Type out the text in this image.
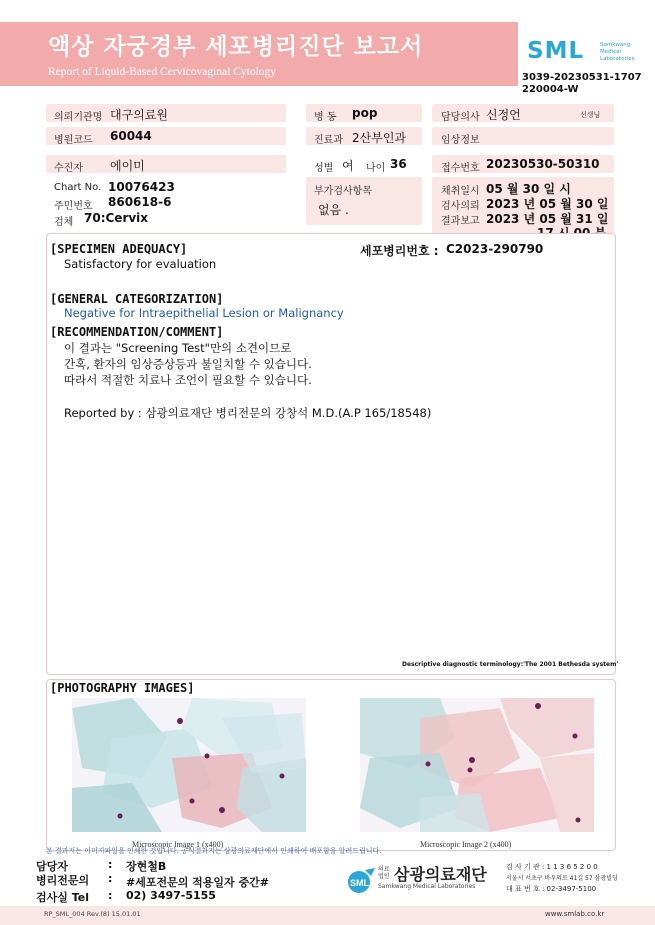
액상 자궁경부 세포병리진단 보고서
Report of Liquid-Based Cervicovaginal Cytology
SML	Samkwang
Medical
Laboratories
3039-20230531-1707
220004-W
의뢰기관명 대구의료원	병 동 pop	담당의사 신정언	선생님
병원코드 60044	진료과 2산부인과	임상정보
수진자 에이미	성별 여 나이 36	접수번호 20230530-50310
Chart No. 10076423
주민번호 860618-6
검체 70:Cervix
부가검사항목
없음 .
채취일시 05 월 30 일 시
검사의뢰 2023 년 05 월 30 일
결과보고 2023 년 05 월 31 일
[SPECIMEN ADEQUACY]	세포병리번호 : C2023-290790
Satisfactory for evaluation
[GENERAL CATEGORIZATION]
Negative for Intraepithelial Lesion or Malignancy
[RECOMMENDATION/COMMENT]
이 결과는 "Screening Test"만의 소견이므로
간혹, 환자의 임상증상등과 불일치할 수 있습니다.
따라서 적절한 치료나 조언이 필요할 수 있습니다.
Reported by : 삼광의료재단 병리전문의 강창석 M.D.(A.P 165/18548)
Descriptive diagnostic terminology:'The 2001 Bethesda system'
[PHOTOGRAPHY IMAGES]
Microscopic Image 1 (x400)	Microscopic Image 2 (x400)
본 결과지는 이미지파일을 인쇄한 것입니다. 공식결과지는 삼광의료재단에서 인쇄하여 배포함을 알려드립니다.
담당자	: 장현철B
병리전문의 : #세포전문의 적용일자 중간#
검사실 Tel : 02) 3497-5155
SML
의료
법인 삼광의료재단
Samkwang Medical Laboratories
검 사 기 관 : 1 1 3 6 5 2 0 0
서울시 서초구 바우뫼로 41길 57 삼광빌딩
대 표 번 호 : 02-3497-5100
RP_SML_004 Rev.(8) 15.01.01	www.smlab.co.kr
